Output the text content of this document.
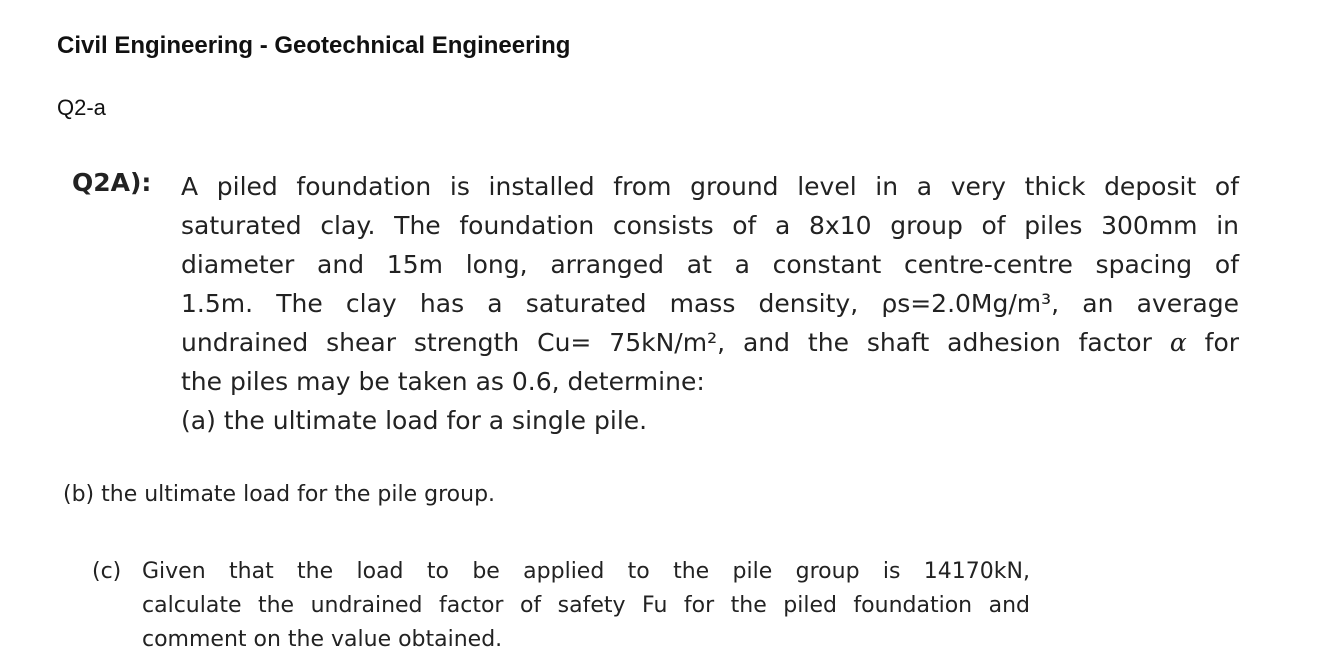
Civil Engineering - Geotechnical Engineering
Q2-a
Q2A): A piled foundation is installed from ground level in a very thick deposit of
saturated clay. The foundation consists of a 8x10 group of piles 300mm in
diameter and 15m long, arranged at a constant centre-centre spacing of
1.5m. The clay has a saturated mass density, ρs=2.0Mg/m³, an average
undrained shear strength Cu= 75kN/m², and the shaft adhesion factor α for
the piles may be taken as 0.6, determine:
(a) the ultimate load for a single pile.
(b) the ultimate load for the pile group.
(c) Given that the load to be applied to the pile group is 14170kN,
calculate the undrained factor of safety Fu for the piled foundation and
comment on the value obtained.
